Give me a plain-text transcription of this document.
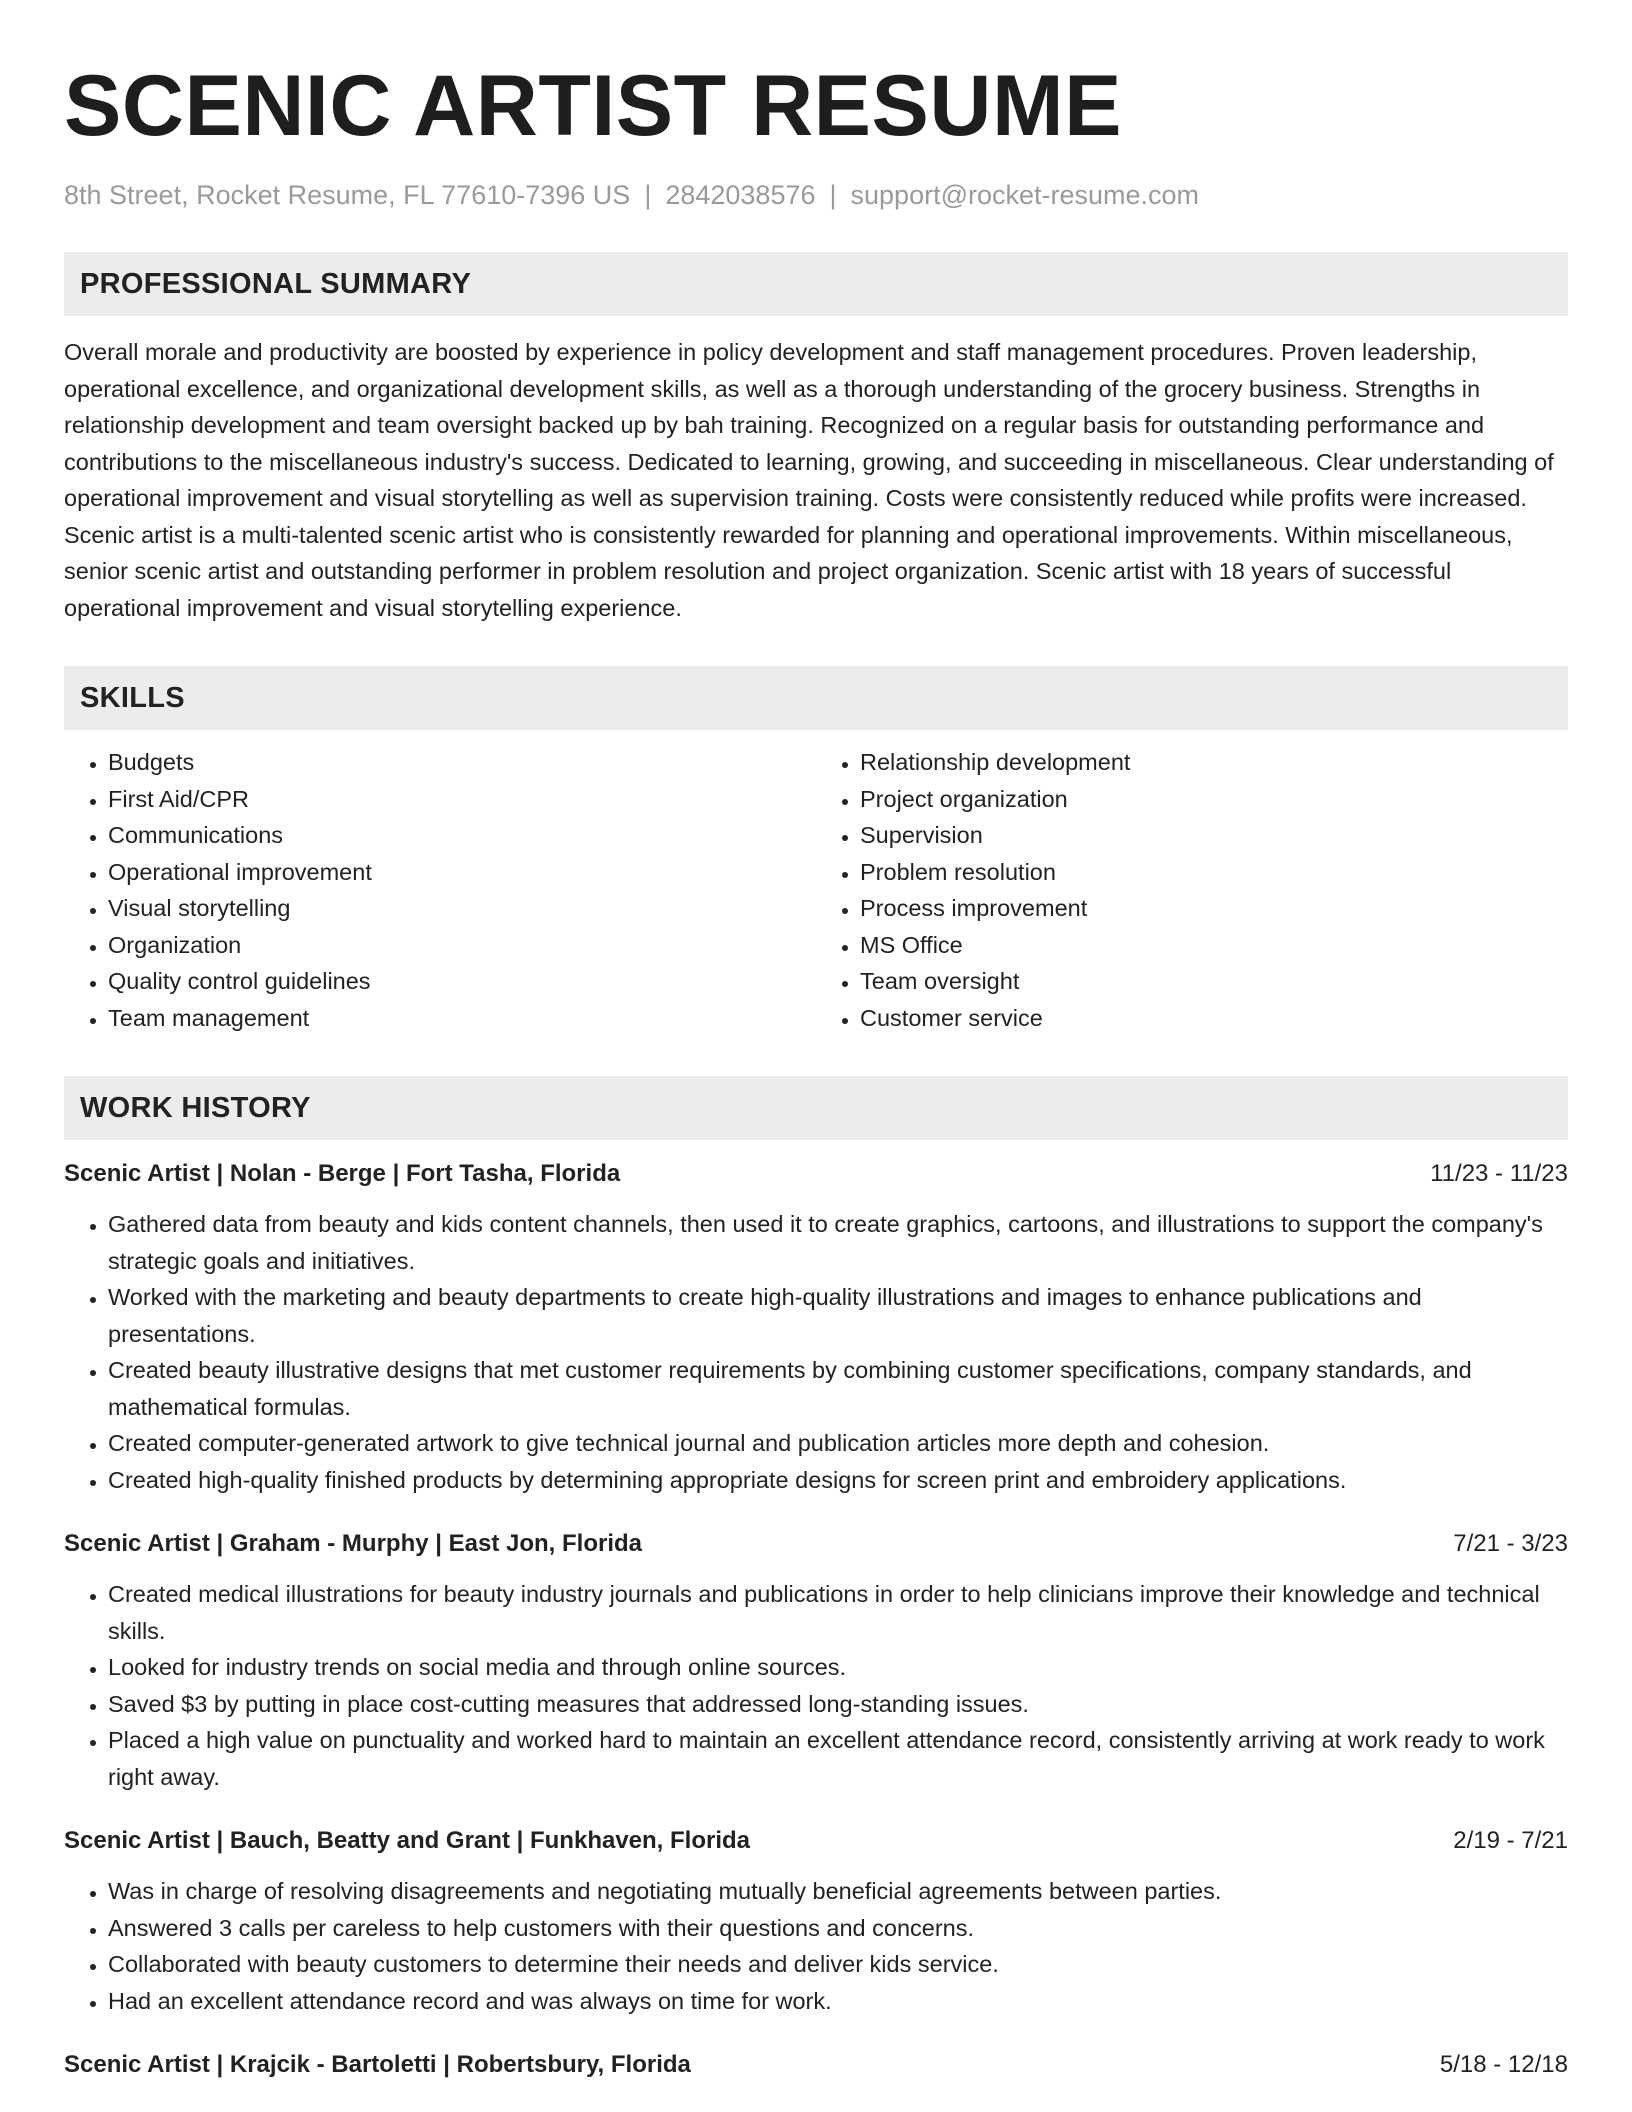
SCENIC ARTIST RESUME
8th Street, Rocket Resume, FL 77610-7396 US | 2842038576 | support@rocket-resume.com
PROFESSIONAL SUMMARY

Overall morale and productivity are boosted by experience in policy development and staff management procedures. Proven leadership, operational excellence, and organizational development skills, as well as a thorough understanding of the grocery business. Strengths in relationship development and team oversight backed up by bah training. Recognized on a regular basis for outstanding performance and contributions to the miscellaneous industry's success. Dedicated to learning, growing, and succeeding in miscellaneous. Clear understanding of operational improvement and visual storytelling as well as supervision training. Costs were consistently reduced while profits were increased. Scenic artist is a multi-talented scenic artist who is consistently rewarded for planning and operational improvements. Within miscellaneous, senior scenic artist and outstanding performer in problem resolution and project organization. Scenic artist with 18 years of successful operational improvement and visual storytelling experience.

SKILLS
• Budgets
• First Aid/CPR
• Communications
• Operational improvement
• Visual storytelling
• Organization
• Quality control guidelines
• Team management
• Relationship development
• Project organization
• Supervision
• Problem resolution
• Process improvement
• MS Office
• Team oversight
• Customer service
WORK HISTORY
Scenic Artist | Nolan - Berge | Fort Tasha, Florida	11/23 - 11/23
• Gathered data from beauty and kids content channels, then used it to create graphics, cartoons, and illustrations to support the company's strategic goals and initiatives.
• Worked with the marketing and beauty departments to create high-quality illustrations and images to enhance publications and presentations.
• Created beauty illustrative designs that met customer requirements by combining customer specifications, company standards, and mathematical formulas.
• Created computer-generated artwork to give technical journal and publication articles more depth and cohesion.
• Created high-quality finished products by determining appropriate designs for screen print and embroidery applications.
Scenic Artist | Graham - Murphy | East Jon, Florida	7/21 - 3/23
• Created medical illustrations for beauty industry journals and publications in order to help clinicians improve their knowledge and technical skills.
• Looked for industry trends on social media and through online sources.
• Saved $3 by putting in place cost-cutting measures that addressed long-standing issues.
• Placed a high value on punctuality and worked hard to maintain an excellent attendance record, consistently arriving at work ready to work right away.
Scenic Artist | Bauch, Beatty and Grant | Funkhaven, Florida	2/19 - 7/21
• Was in charge of resolving disagreements and negotiating mutually beneficial agreements between parties.
• Answered 3 calls per careless to help customers with their questions and concerns.
• Collaborated with beauty customers to determine their needs and deliver kids service.
• Had an excellent attendance record and was always on time for work.
Scenic Artist | Krajcik - Bartoletti | Robertsbury, Florida	5/18 - 12/18
